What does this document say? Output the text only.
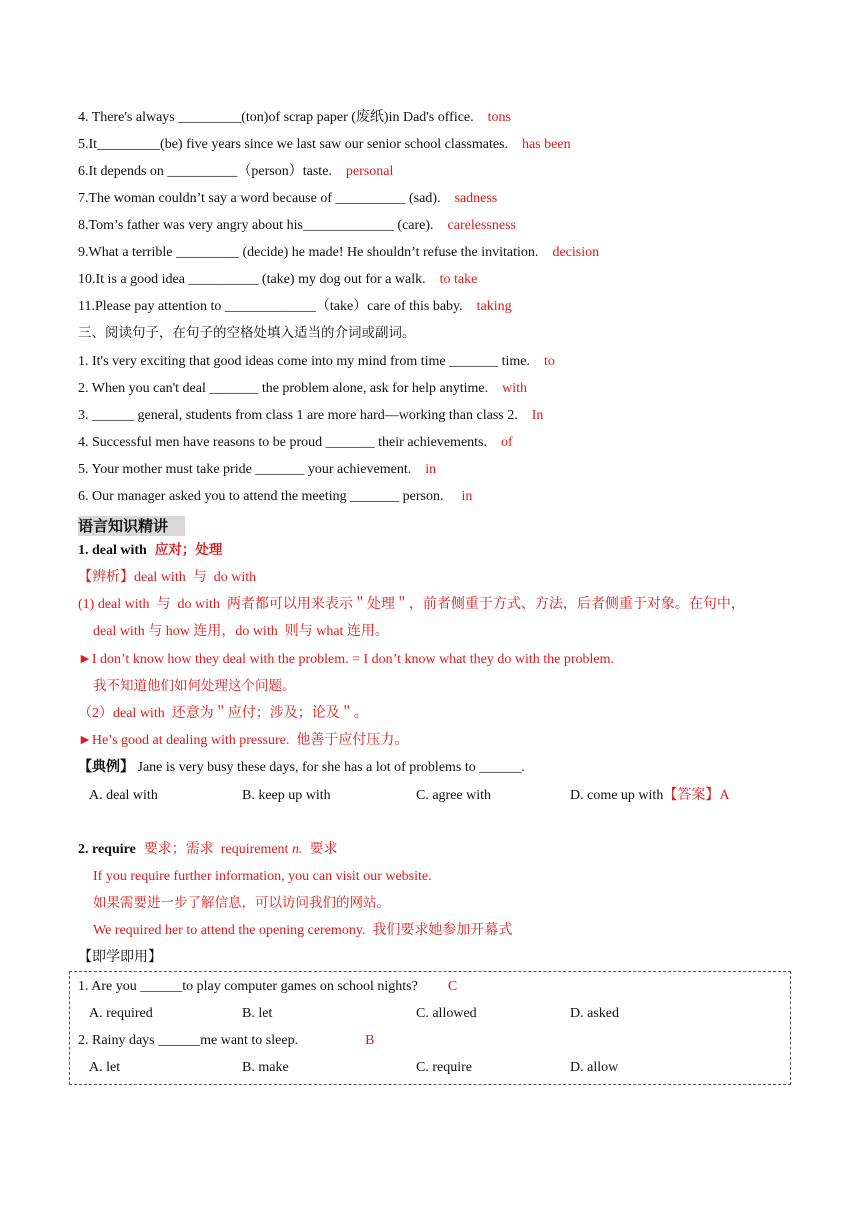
4. There's always _________(ton)of scrap paper (废纸)in Dad's office. tons
5.It_________(be) five years since we last saw our senior school classmates. has been
6.It depends on __________（person）taste. personal
7.The woman couldn’t say a word because of __________ (sad). sadness
8.Tom’s father was very angry about his_____________ (care). carelessness
9.What a terrible _________ (decide) he made! He shouldn’t refuse the invitation. decision
10.It is a good idea __________ (take) my dog out for a walk. to take
11.Please pay attention to _____________（take）care of this baby. taking
三、阅读句子，在句子的空格处填入适当的介词或副词。
1. It's very exciting that good ideas come into my mind from time _______ time. to
2. When you can't deal _______ the problem alone, ask for help anytime. with
3. ______ general, students from class 1 are more hard—working than class 2. In
4. Successful men have reasons to be proud _______ their achievements. of
5. Your mother must take pride _______ your achievement. in
6. Our manager asked you to attend the meeting _______ person. in
语言知识精讲
1. deal with 应对；处理
【辨析】deal with  与  do with
(1) deal with  与  do with  两者都可以用来表示＂处理＂，前者侧重于方式、方法，后者侧重于对象。在句中，
deal with 与 how 连用，do with  则与 what 连用。
►I don’t know how they deal with the problem. = I don’t know what they do with the problem.
我不知道他们如何处理这个问题。
（2）deal with  还意为＂应付；涉及；论及＂。
►He’s good at dealing with pressure.  他善于应付压力。
【典例】 Jane is very busy these days, for she has a lot of problems to ______.
A. deal with	B. keep up with	C. agree with	D. come up with【答案】A
2. require 要求；需求  requirement n.  要求
If you require further information, you can visit our website.
如果需要进一步了解信息，可以访问我们的网站。
We required her to attend the opening ceremony.  我们要求她参加开幕式
【即学即用】
1. Are you ______to play computer games on school nights? C
A. required	B. let	C. allowed	D. asked
2. Rainy days ______me want to sleep.	B
A. let	B. make	C. require	D. allow
